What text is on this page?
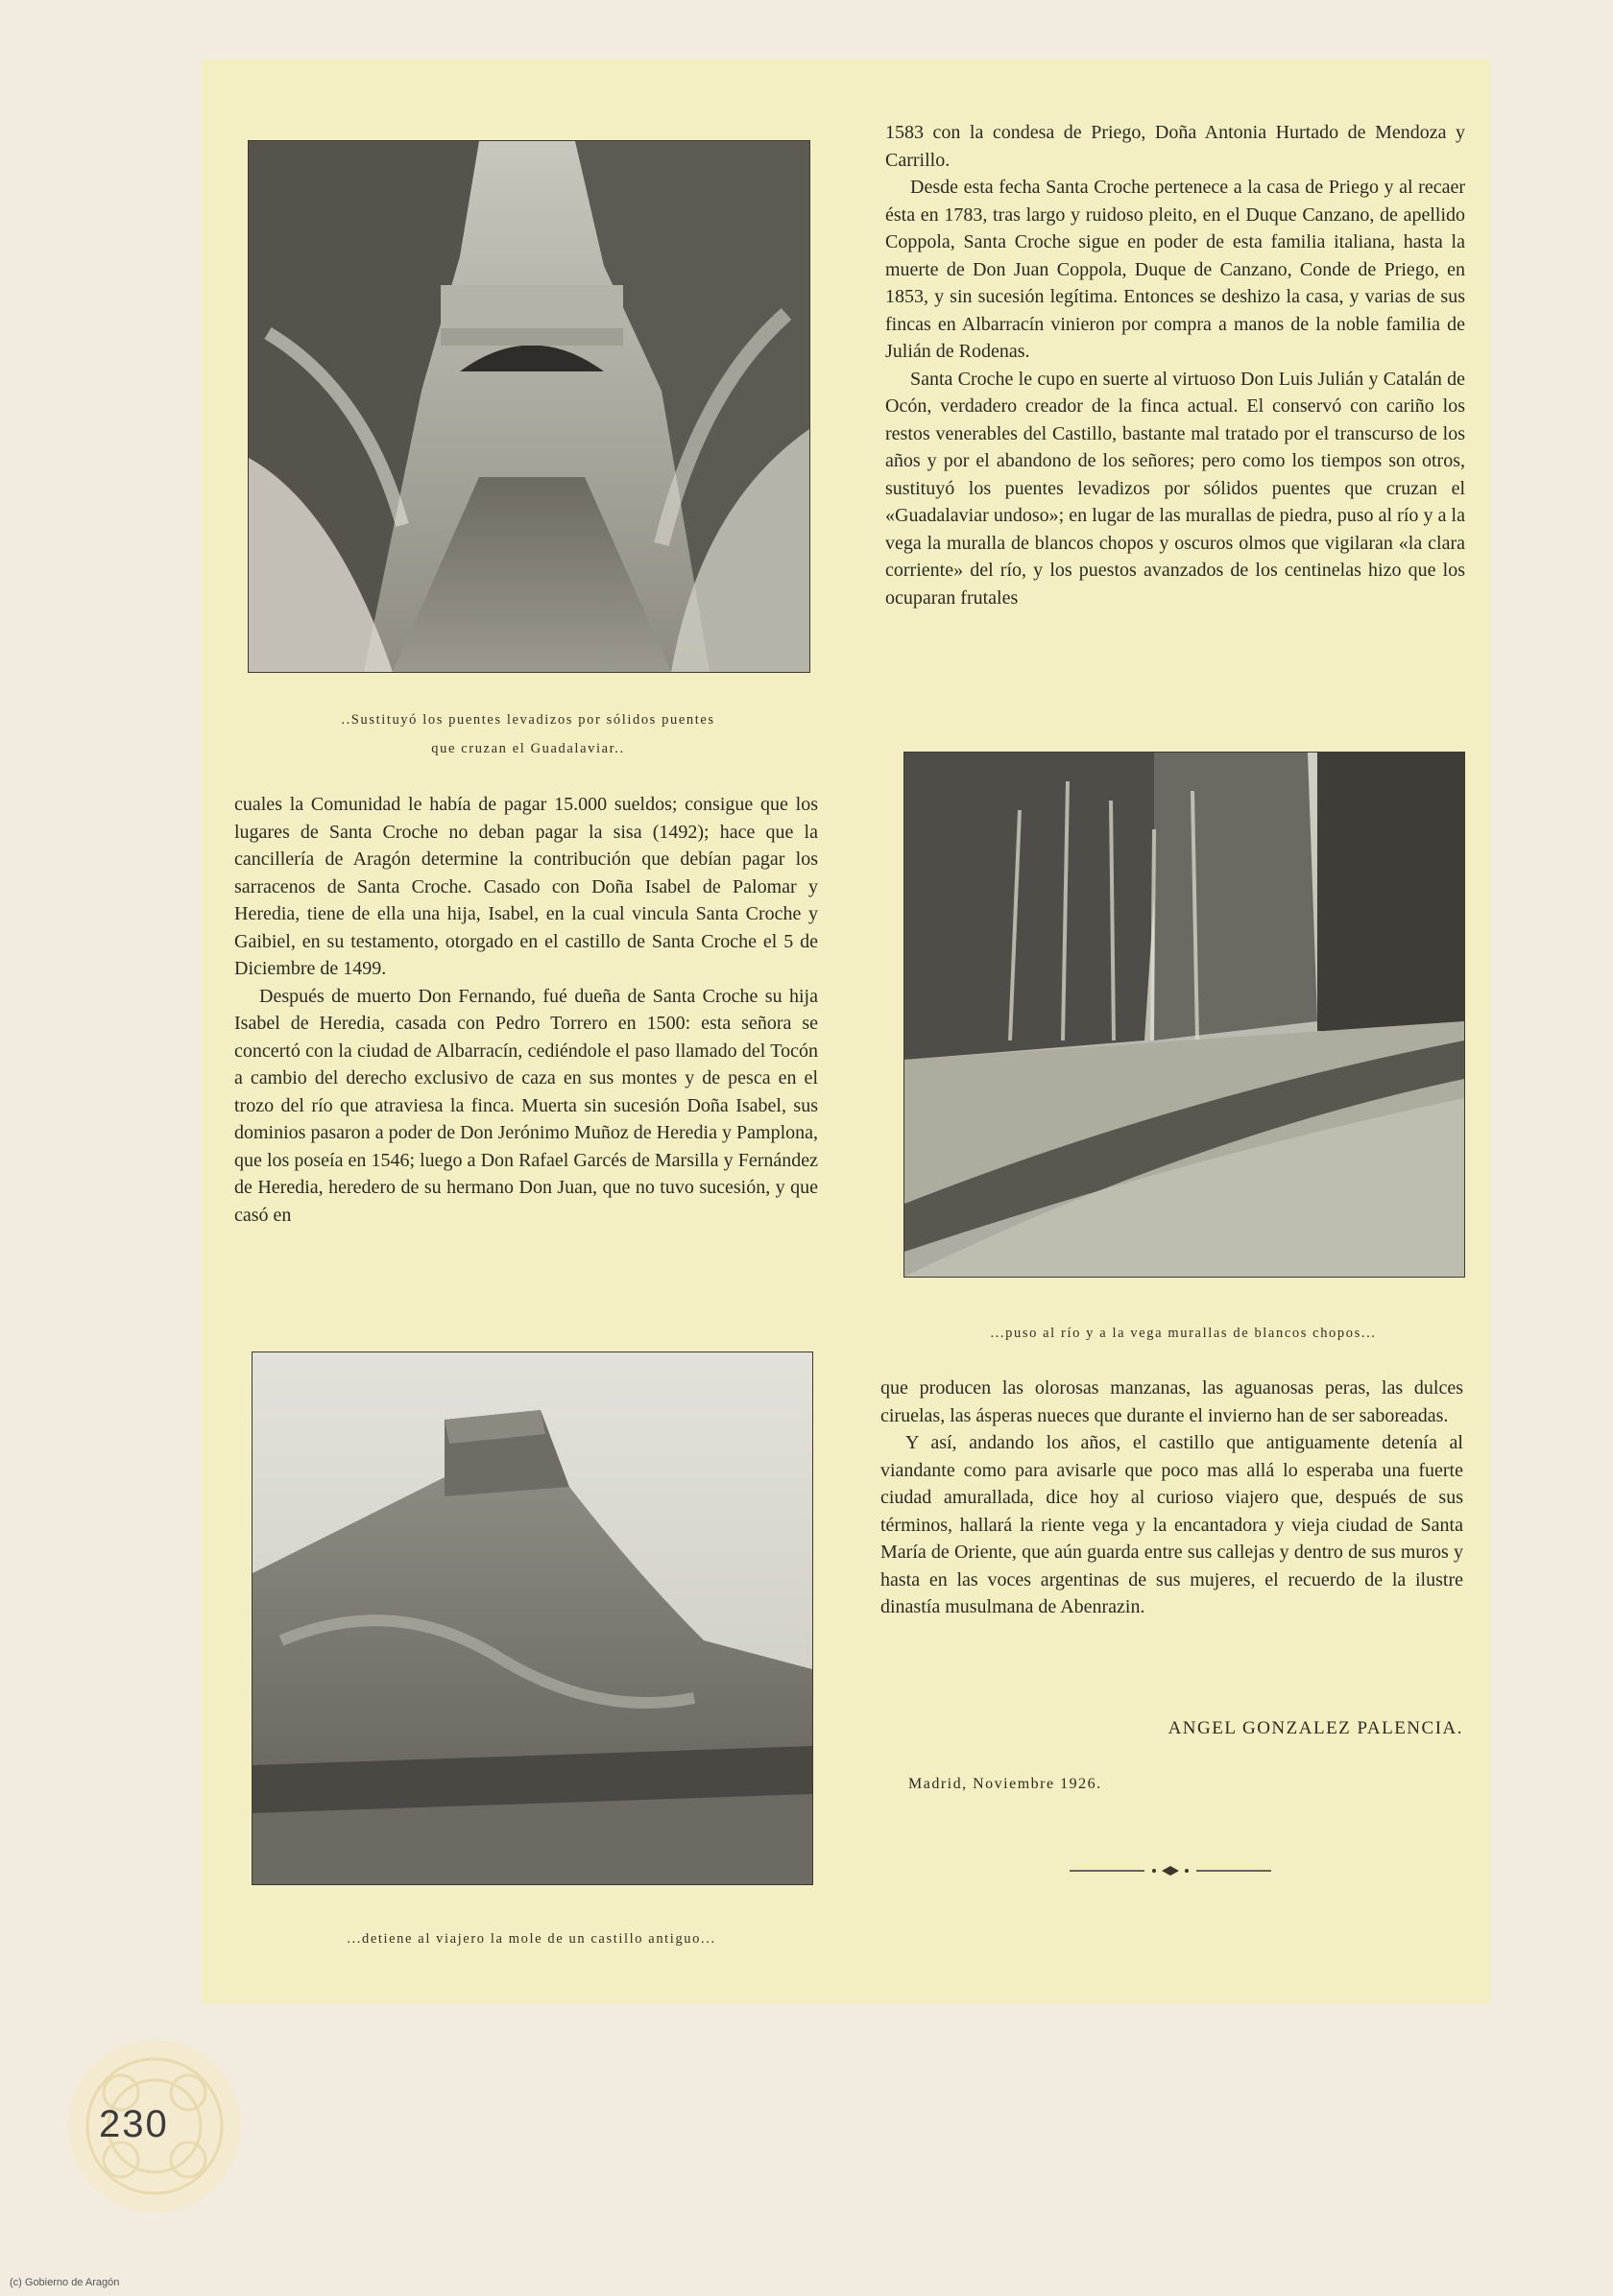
..Sustituyó los puentes levadizos por sólidos puentes
que cruzan el Guadalaviar..
...puso al río y a la vega murallas de blancos chopos...
...detiene al viajero la mole de un castillo antiguo...

1583 con la condesa de Priego, Doña Antonia Hurtado de Mendoza y Carrillo.

Desde esta fecha Santa Croche pertenece a la casa de Priego y al recaer ésta en 1783, tras largo y ruidoso pleito, en el Duque Canzano, de apellido Coppola, Santa Croche sigue en poder de esta familia italiana, hasta la muerte de Don Juan Coppola, Duque de Canzano, Conde de Priego, en 1853, y sin sucesión legítima. Entonces se deshizo la casa, y varias de sus fincas en Albarracín vinieron por compra a manos de la noble familia de Julián de Rodenas.

Santa Croche le cupo en suerte al virtuoso Don Luis Julián y Catalán de Ocón, verdadero creador de la finca actual. El conservó con cariño los restos venerables del Castillo, bastante mal tratado por el transcurso de los años y por el abandono de los señores; pero como los tiempos son otros, sustituyó los puentes levadizos por sólidos puentes que cruzan el «Guadalaviar undoso»; en lugar de las murallas de piedra, puso al río y a la vega la muralla de blancos chopos y oscuros olmos que vigilaran «la clara corriente» del río, y los puestos avanzados de los centinelas hizo que los ocuparan frutales

cuales la Comunidad le había de pagar 15.000 sueldos; consigue que los lugares de Santa Croche no deban pagar la sisa (1492); hace que la cancillería de Aragón determine la contribución que debían pagar los sarracenos de Santa Croche. Casado con Doña Isabel de Palomar y Heredia, tiene de ella una hija, Isabel, en la cual vincula Santa Croche y Gaibiel, en su testamento, otorgado en el castillo de Santa Croche el 5 de Diciembre de 1499.

Después de muerto Don Fernando, fué dueña de Santa Croche su hija Isabel de Heredia, casada con Pedro Torrero en 1500: esta señora se concertó con la ciudad de Albarracín, cediéndole el paso llamado del Tocón a cambio del derecho exclusivo de caza en sus montes y de pesca en el trozo del río que atraviesa la finca. Muerta sin sucesión Doña Isabel, sus dominios pasaron a poder de Don Jerónimo Muñoz de Heredia y Pamplona, que los poseía en 1546; luego a Don Rafael Garcés de Marsilla y Fernández de Heredia, heredero de su hermano Don Juan, que no tuvo sucesión, y que casó en

que producen las olorosas manzanas, las aguanosas peras, las dulces ciruelas, las ásperas nueces que durante el invierno han de ser saboreadas.

Y así, andando los años, el castillo que antiguamente detenía al viandante como para avisarle que poco mas allá lo esperaba una fuerte ciudad amurallada, dice hoy al curioso viajero que, después de sus términos, hallará la riente vega y la encantadora y vieja ciudad de Santa María de Oriente, que aún guarda entre sus callejas y dentro de sus muros y hasta en las voces argentinas de sus mujeres, el recuerdo de la ilustre dinastía musulmana de Abenrazin.

ANGEL GONZALEZ PALENCIA.
Madrid, Noviembre 1926.
230
(c) Gobierno de Aragón
